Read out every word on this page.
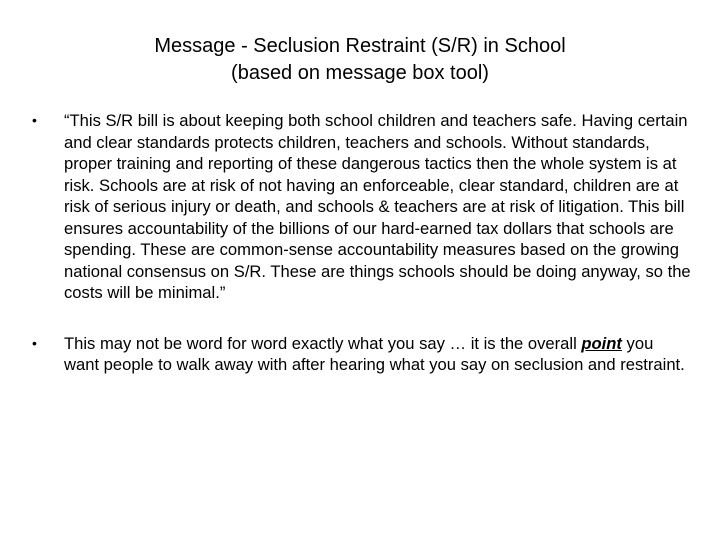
Message - Seclusion Restraint (S/R) in School
(based on message box tool)
•	“This S/R bill is about keeping both school children and teachers safe. Having certain and clear standards protects children, teachers and schools. Without standards, proper training and reporting of these dangerous tactics then the whole system is at risk. Schools are at risk of not having an enforceable, clear standard, children are at risk of serious injury or death, and schools & teachers are at risk of litigation. This bill ensures accountability of the billions of our hard-earned tax dollars that schools are spending. These are common-sense accountability measures based on the growing national consensus on S/R. These are things schools should be doing anyway, so the costs will be minimal.”
•	This may not be word for word exactly what you say … it is the overall point you want people to walk away with after hearing what you say on seclusion and restraint.
